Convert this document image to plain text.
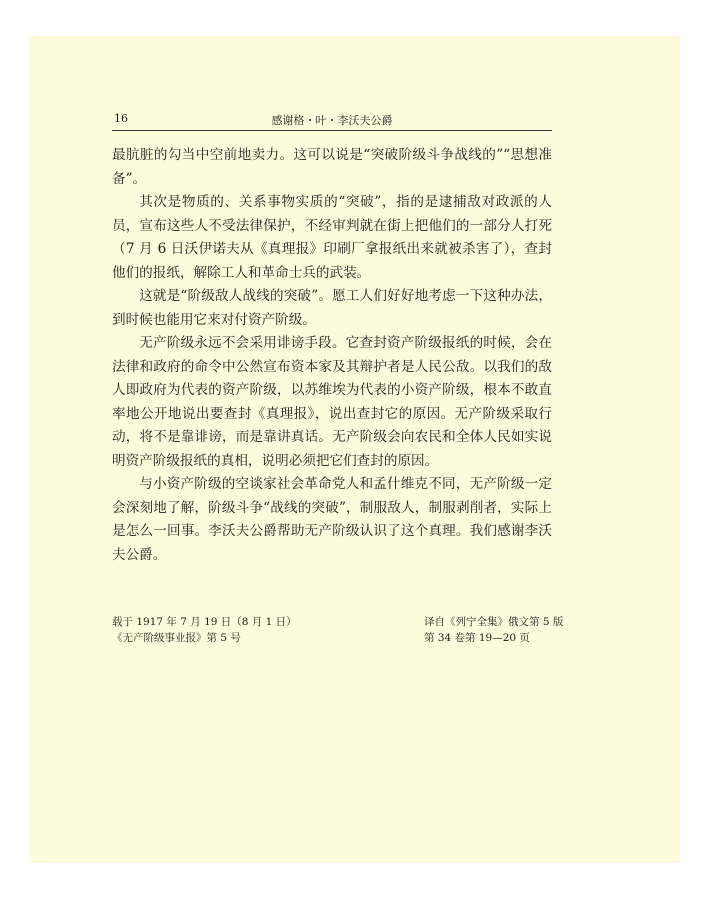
16	感谢格・叶・李沃夫公爵

最肮脏的勾当中空前地卖力。这可以说是“突破阶级斗争战线的”“思想准备”。

其次是物质的、关系事物实质的“突破”，指的是逮捕敌对政派的人员，宣布这些人不受法律保护，不经审判就在街上把他们的一部分人打死（7 月 6 日沃伊诺夫从《真理报》印刷厂拿报纸出来就被杀害了），查封他们的报纸，解除工人和革命士兵的武装。

这就是“阶级敌人战线的突破”。愿工人们好好地考虑一下这种办法，到时候也能用它来对付资产阶级。

无产阶级永远不会采用诽谤手段。它查封资产阶级报纸的时候，会在法律和政府的命令中公然宣布资本家及其辩护者是人民公敌。以我们的敌人即政府为代表的资产阶级，以苏维埃为代表的小资产阶级，根本不敢直率地公开地说出要查封《真理报》，说出查封它的原因。无产阶级采取行动，将不是靠诽谤，而是靠讲真话。无产阶级会向农民和全体人民如实说明资产阶级报纸的真相，说明必须把它们查封的原因。

与小资产阶级的空谈家社会革命党人和孟什维克不同，无产阶级一定会深刻地了解，阶级斗争“战线的突破”，制服敌人，制服剥削者，实际上是怎么一回事。李沃夫公爵帮助无产阶级认识了这个真理。我们感谢李沃夫公爵。

载于 1917 年 7 月 19 日（8 月 1 日）
《无产阶级事业报》第 5 号
译自《列宁全集》俄文第 5 版
第 34 卷第 19—20 页
